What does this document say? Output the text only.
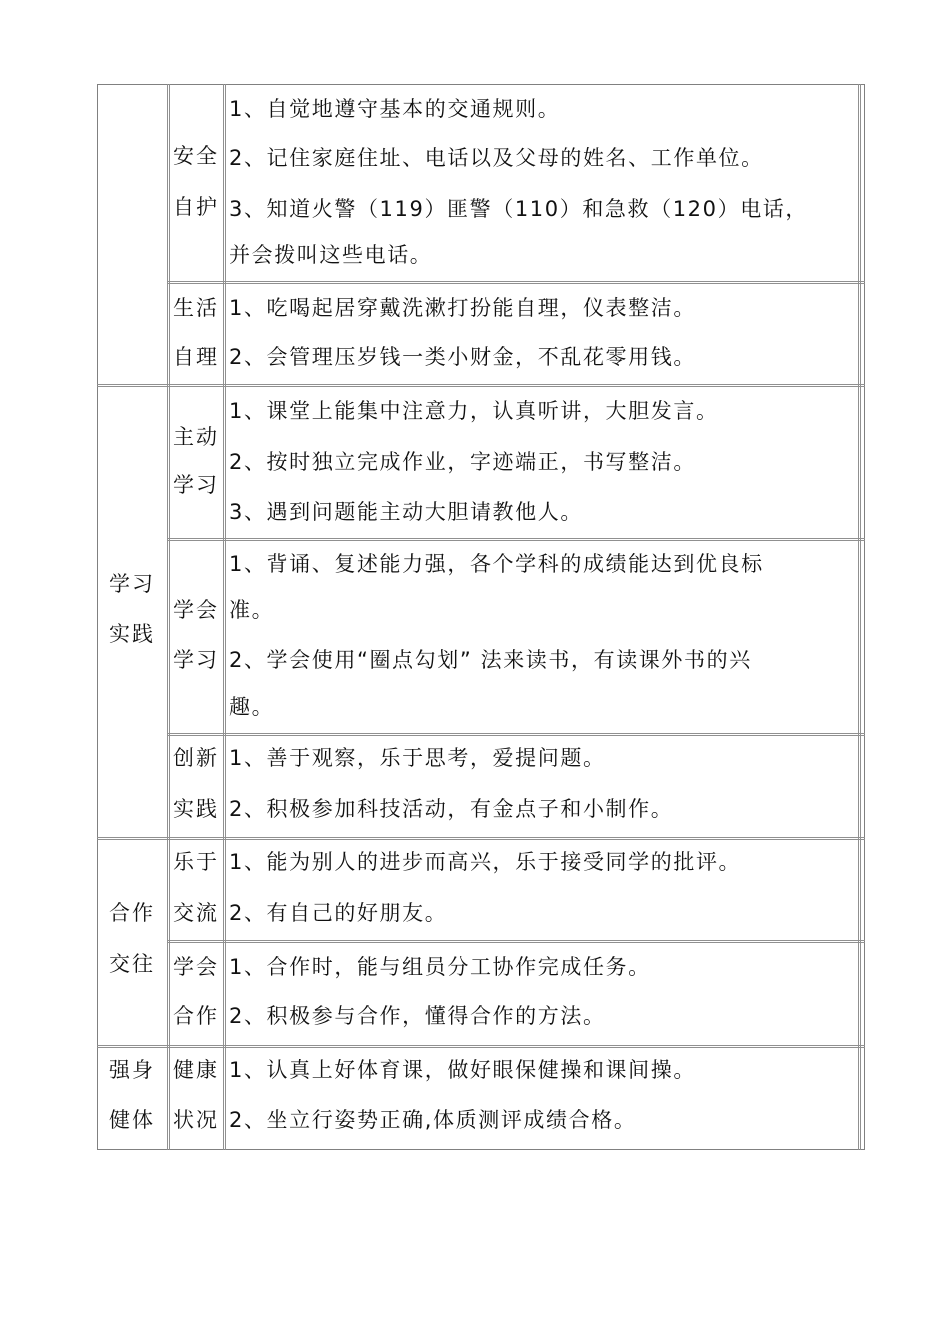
安全
自护
1、自觉地遵守基本的交通规则。
2、记住家庭住址、电话以及父母的姓名、工作单位。
3、知道火警（119）匪警（110）和急救（120）电话，
并会拨叫这些电话。
生活
自理
1、吃喝起居穿戴洗漱打扮能自理，仪表整洁。
2、会管理压岁钱一类小财金，不乱花零用钱。
学习
实践
主动
学习
1、课堂上能集中注意力，认真听讲，大胆发言。
2、按时独立完成作业，字迹端正，书写整洁。
3、遇到问题能主动大胆请教他人。
学会
学习
1、背诵、复述能力强，各个学科的成绩能达到优良标
准。
2、学会使用“圈点勾划” 法来读书，有读课外书的兴
趣。
创新
实践
1、善于观察，乐于思考，爱提问题。
2、积极参加科技活动，有金点子和小制作。
合作
交往
乐于
交流
1、能为别人的进步而高兴，乐于接受同学的批评。
2、有自己的好朋友。
学会
合作
1、合作时，能与组员分工协作完成任务。
2、积极参与合作，懂得合作的方法。
强身
健体
健康
状况
1、认真上好体育课，做好眼保健操和课间操。
2、坐立行姿势正确,体质测评成绩合格。
